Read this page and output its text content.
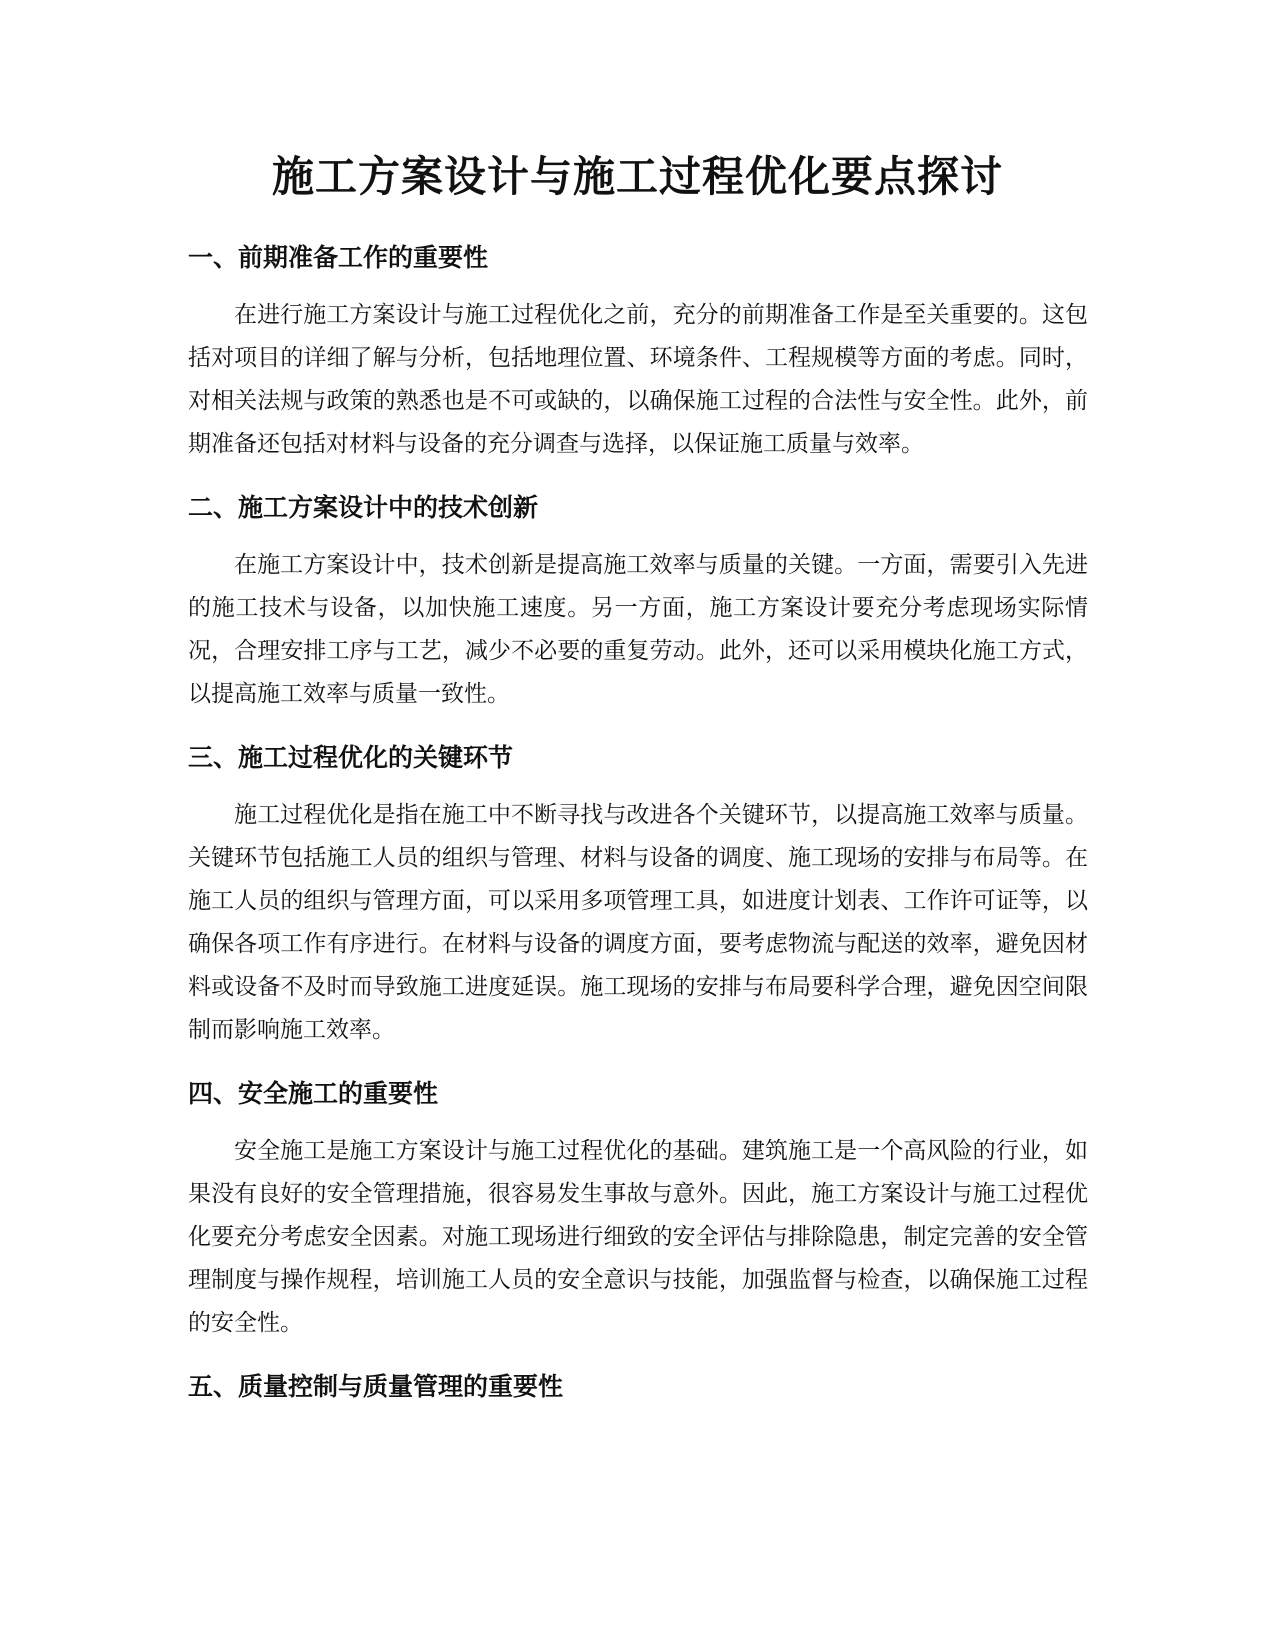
施工方案设计与施工过程优化要点探讨
一、前期准备工作的重要性

在进行施工方案设计与施工过程优化之前，充分的前期准备工作是至关重要的。这包括对项目的详细了解与分析，包括地理位置、环境条件、工程规模等方面的考虑。同时，对相关法规与政策的熟悉也是不可或缺的，以确保施工过程的合法性与安全性。此外，前期准备还包括对材料与设备的充分调查与选择，以保证施工质量与效率。

二、施工方案设计中的技术创新

在施工方案设计中，技术创新是提高施工效率与质量的关键。一方面，需要引入先进的施工技术与设备，以加快施工速度。另一方面，施工方案设计要充分考虑现场实际情况，合理安排工序与工艺，减少不必要的重复劳动。此外，还可以采用模块化施工方式，以提高施工效率与质量一致性。

三、施工过程优化的关键环节

施工过程优化是指在施工中不断寻找与改进各个关键环节，以提高施工效率与质量。关键环节包括施工人员的组织与管理、材料与设备的调度、施工现场的安排与布局等。在施工人员的组织与管理方面，可以采用多项管理工具，如进度计划表、工作许可证等，以确保各项工作有序进行。在材料与设备的调度方面，要考虑物流与配送的效率，避免因材料或设备不及时而导致施工进度延误。施工现场的安排与布局要科学合理，避免因空间限制而影响施工效率。

四、安全施工的重要性

安全施工是施工方案设计与施工过程优化的基础。建筑施工是一个高风险的行业，如果没有良好的安全管理措施，很容易发生事故与意外。因此，施工方案设计与施工过程优化要充分考虑安全因素。对施工现场进行细致的安全评估与排除隐患，制定完善的安全管理制度与操作规程，培训施工人员的安全意识与技能，加强监督与检查，以确保施工过程的安全性。

五、质量控制与质量管理的重要性
